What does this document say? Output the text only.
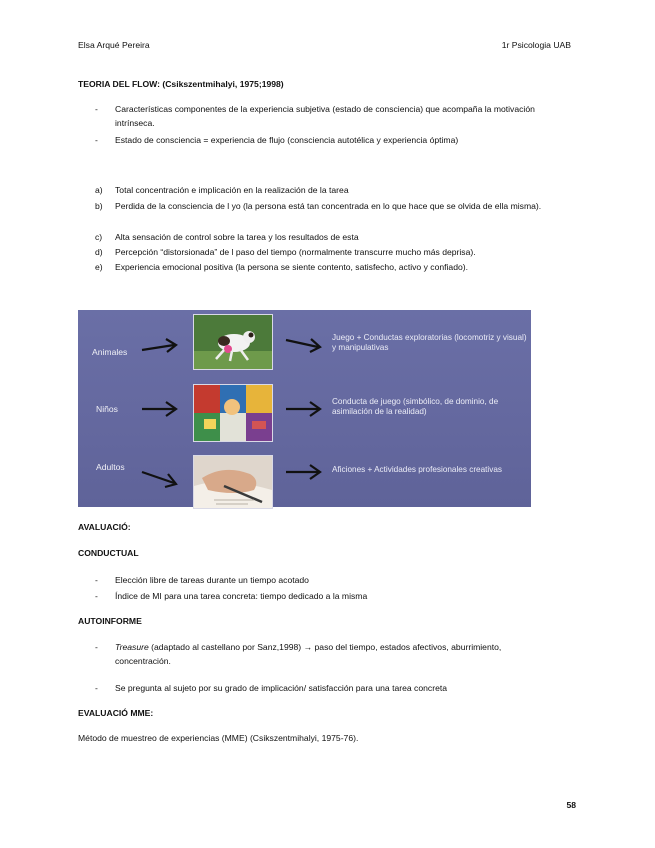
Elsa Arqué Pereira	1r Psicologia UAB
TEORIA DEL FLOW: (Csikszentmihalyi, 1975;1998)
- Características componentes de la experiencia subjetiva (estado de consciencia) que acompaña la motivación intrínseca.
- Estado de consciencia = experiencia de flujo (consciencia autotélica y experiencia óptima)
a) Total concentración e implicación en la realización de la tarea
b) Perdida de la consciencia de l yo (la persona está tan concentrada en lo que hace que se olvida de ella misma).
c) Alta sensación de control sobre la tarea y los resultados de esta
d) Percepción “distorsionada” de l paso del tiempo (normalmente transcurre mucho más deprisa).
e) Experiencia emocional positiva (la persona se siente contento, satisfecho, activo y confiado).
Animales
Juego + Conductas exploratorias (locomotriz y visual) y manipulativas
Niños
Conducta de juego (simbólico, de dominio, de asimilación de la realidad)
Adultos	Aficiones + Actividades profesionales creativas
AVALUACIÓ:
CONDUCTUAL
- Elección libre de tareas durante un tiempo acotado
- Índice de MI para una tarea concreta: tiempo dedicado a la misma
AUTOINFORME
- Treasure (adaptado al castellano por Sanz,1998) → paso del tiempo, estados afectivos, aburrimiento, concentración.
- Se pregunta al sujeto por su grado de implicación/ satisfacción para una tarea concreta
EVALUACIÓ MME:
Método de muestreo de experiencias (MME) (Csikszentmihalyi, 1975-76).
58
